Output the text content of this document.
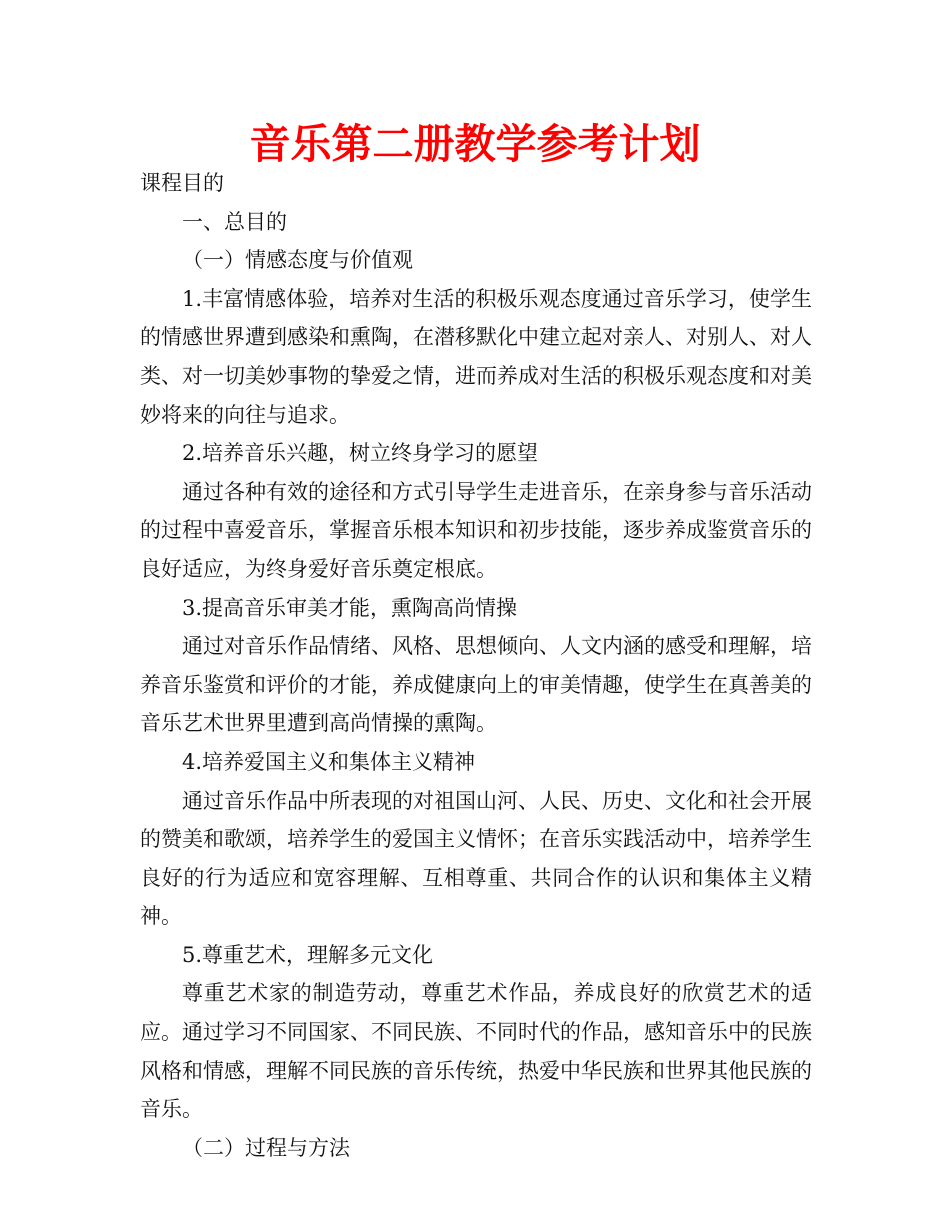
音乐第二册教学参考计划

课程目的

一、总目的

（一）情感态度与价值观

1.丰富情感体验，培养对生活的积极乐观态度通过音乐学习，使学生的情感世界遭到感染和熏陶，在潜移默化中建立起对亲人、对别人、对人类、对一切美妙事物的挚爱之情，进而养成对生活的积极乐观态度和对美妙将来的向往与追求。

2.培养音乐兴趣，树立终身学习的愿望

通过各种有效的途径和方式引导学生走进音乐，在亲身参与音乐活动的过程中喜爱音乐，掌握音乐根本知识和初步技能，逐步养成鉴赏音乐的良好适应，为终身爱好音乐奠定根底。

3.提高音乐审美才能，熏陶高尚情操

通过对音乐作品情绪、风格、思想倾向、人文内涵的感受和理解，培养音乐鉴赏和评价的才能，养成健康向上的审美情趣，使学生在真善美的音乐艺术世界里遭到高尚情操的熏陶。

4.培养爱国主义和集体主义精神

通过音乐作品中所表现的对祖国山河、人民、历史、文化和社会开展的赞美和歌颂，培养学生的爱国主义情怀；在音乐实践活动中，培养学生良好的行为适应和宽容理解、互相尊重、共同合作的认识和集体主义精神。

5.尊重艺术，理解多元文化

尊重艺术家的制造劳动，尊重艺术作品，养成良好的欣赏艺术的适应。通过学习不同国家、不同民族、不同时代的作品，感知音乐中的民族风格和情感，理解不同民族的音乐传统，热爱中华民族和世界其他民族的音乐。

（二）过程与方法
